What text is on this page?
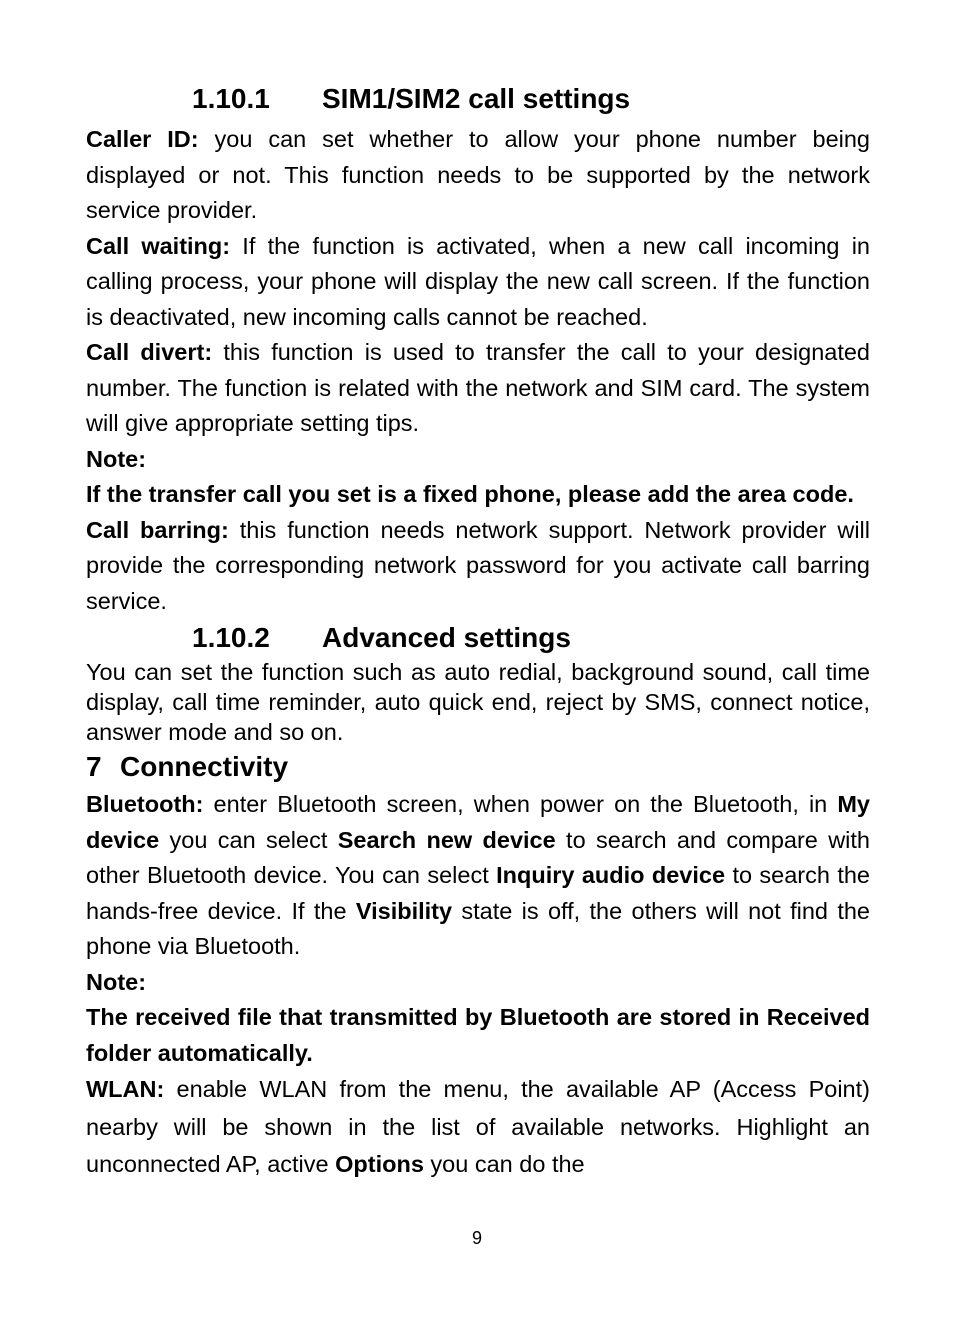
1.10.1 SIM1/SIM2 call settings

Caller ID: you can set whether to allow your phone number being displayed or not. This function needs to be supported by the network service provider.

Call waiting: If the function is activated, when a new call incoming in calling process, your phone will display the new call screen. If the function is deactivated, new incoming calls cannot be reached.

Call divert: this function is used to transfer the call to your designated number. The function is related with the network and SIM card. The system will give appropriate setting tips.

Note:

If the transfer call you set is a fixed phone, please add the area code.

Call barring: this function needs network support. Network provider will provide the corresponding network password for you activate call barring service.

1.10.2 Advanced settings

You can set the function such as auto redial, background sound, call time display, call time reminder, auto quick end, reject by SMS, connect notice, answer mode and so on.

7 Connectivity

Bluetooth: enter Bluetooth screen, when power on the Bluetooth, in My device you can select Search new device to search and compare with other Bluetooth device. You can select Inquiry audio device to search the hands-free device. If the Visibility state is off, the others will not find the phone via Bluetooth.

Note:

The received file that transmitted by Bluetooth are stored in Received folder automatically.

WLAN: enable WLAN from the menu, the available AP (Access Point) nearby will be shown in the list of available networks. Highlight an unconnected AP, active Options you can do the

9
